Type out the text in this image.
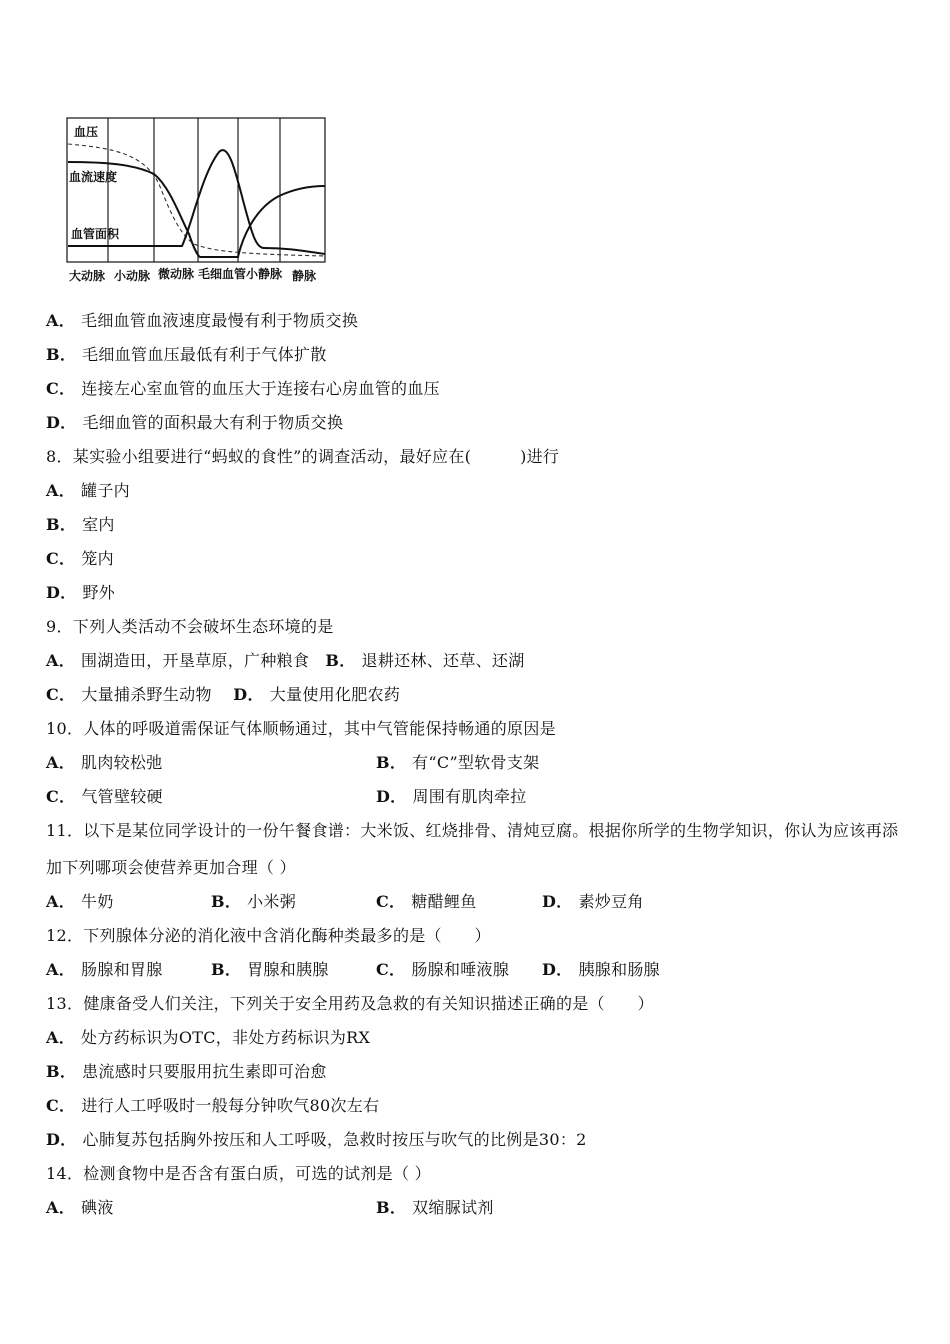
血压
血流速度
血管面积
大动脉 小动脉 微动脉 毛细血管 小静脉 静脉
A． 毛细血管血液速度最慢有利于物质交换
B． 毛细血管血压最低有利于气体扩散
C． 连接左心室血管的血压大于连接右心房血管的血压
D． 毛细血管的面积最大有利于物质交换
8．某实验小组要进行“蚂蚁的食性”的调查活动，最好应在(　　　)进行
A． 罐子内
B． 室内
C． 笼内
D． 野外
9．下列人类活动不会破坏生态环境的是
A． 围湖造田，开垦草原，广种粮食 B． 退耕还林、还草、还湖
C． 大量捕杀野生动物 D． 大量使用化肥农药
10．人体的呼吸道需保证气体顺畅通过，其中气管能保持畅通的原因是
A． 肌肉较松弛	B． 有“C”型软骨支架
C． 气管壁较硬	D． 周围有肌肉牵拉
11．以下是某位同学设计的一份午餐食谱：大米饭、红烧排骨、清炖豆腐。根据你所学的生物学知识，你认为应该再添
加下列哪项会使营养更加合理（ ）
A． 牛奶	B． 小米粥	C． 糖醋鲤鱼	D． 素炒豆角
12．下列腺体分泌的消化液中含消化酶种类最多的是（　　）
A． 肠腺和胃腺	B． 胃腺和胰腺	C． 肠腺和唾液腺 D． 胰腺和肠腺
13．健康备受人们关注，下列关于安全用药及急救的有关知识描述正确的是（　　）
A． 处方药标识为OTC，非处方药标识为RX
B． 患流感时只要服用抗生素即可治愈
C． 进行人工呼吸时一般每分钟吹气80次左右
D． 心肺复苏包括胸外按压和人工呼吸，急救时按压与吹气的比例是30：2
14．检测食物中是否含有蛋白质，可选的试剂是（ ）
A． 碘液	B． 双缩脲试剂
